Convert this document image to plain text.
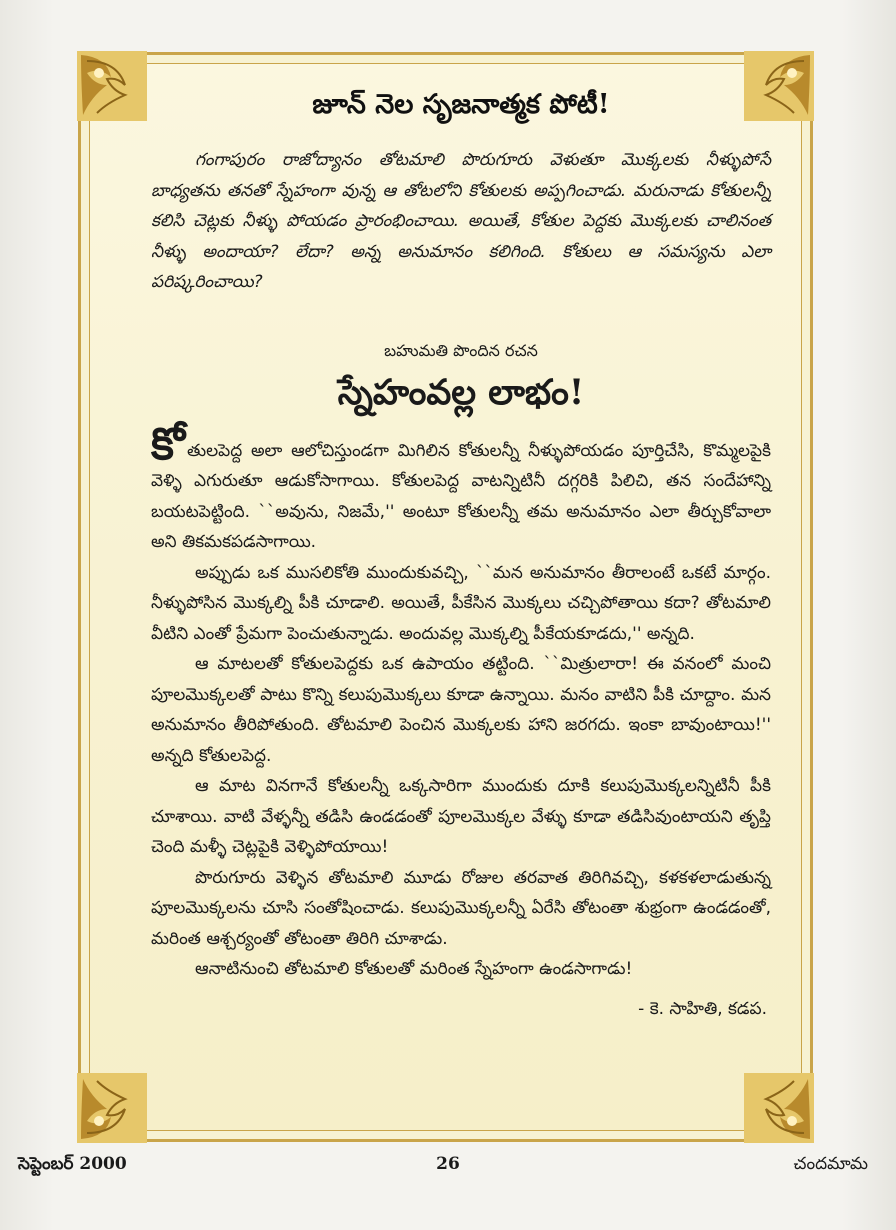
జూన్ నెల సృజనాత్మక పోటీ!

గంగాపురం రాజోద్యానం తోటమాలి పొరుగూరు వెళుతూ మొక్కలకు నీళ్ళుపోసే బాధ్యతను తనతో స్నేహంగా వున్న ఆ తోటలోని కోతులకు అప్పగించాడు. మరునాడు కోతులన్నీ కలిసి చెట్లకు నీళ్ళు పోయడం ప్రారంభించాయి. అయితే, కోతుల పెద్దకు మొక్కలకు చాలినంత నీళ్ళు అందాయా? లేదా? అన్న అనుమానం కలిగింది. కోతులు ఆ సమస్యను ఎలా పరిష్కరించాయి?

బహుమతి పొందిన రచన

స్నేహంవల్ల లాభం!

కోతులపెద్ద అలా ఆలోచిస్తుండగా మిగిలిన కోతులన్నీ నీళ్ళుపోయడం పూర్తిచేసి, కొమ్మలపైకి వెళ్ళి ఎగురుతూ ఆడుకోసాగాయి. కోతులపెద్ద వాటన్నిటినీ దగ్గరికి పిలిచి, తన సందేహాన్ని బయటపెట్టింది. ``అవును, నిజమే,'' అంటూ కోతులన్నీ తమ అనుమానం ఎలా తీర్చుకోవాలా అని తికమకపడసాగాయి.

అప్పుడు ఒక ముసలికోతి ముందుకువచ్చి, ``మన అనుమానం తీరాలంటే ఒకటే మార్గం. నీళ్ళుపోసిన మొక్కల్ని పీకి చూడాలి. అయితే, పీకేసిన మొక్కలు చచ్చిపోతాయి కదా? తోటమాలి వీటిని ఎంతో ప్రేమగా పెంచుతున్నాడు. అందువల్ల మొక్కల్ని పీకేయకూడదు,'' అన్నది.

ఆ మాటలతో కోతులపెద్దకు ఒక ఉపాయం తట్టింది. ``మిత్రులారా! ఈ వనంలో మంచి పూలమొక్కలతో పాటు కొన్ని కలుపుమొక్కలు కూడా ఉన్నాయి. మనం వాటిని పీకి చూద్దాం. మన అనుమానం తీరిపోతుంది. తోటమాలి పెంచిన మొక్కలకు హాని జరగదు. ఇంకా బావుంటాయి!'' అన్నది కోతులపెద్ద.

ఆ మాట వినగానే కోతులన్నీ ఒక్కసారిగా ముందుకు దూకి కలుపుమొక్కలన్నిటినీ పీకి చూశాయి. వాటి వేళ్ళన్నీ తడిసి ఉండడంతో పూలమొక్కల వేళ్ళు కూడా తడిసివుంటాయని తృప్తి చెంది మళ్ళీ చెట్లపైకి వెళ్ళిపోయాయి!

పొరుగూరు వెళ్ళిన తోటమాలి మూడు రోజుల తరవాత తిరిగివచ్చి, కళకళలాడుతున్న పూలమొక్కలను చూసి సంతోషించాడు. కలుపుమొక్కలన్నీ ఏరేసి తోటంతా శుభ్రంగా ఉండడంతో, మరింత ఆశ్చర్యంతో తోటంతా తిరిగి చూశాడు.

ఆనాటినుంచి తోటమాలి కోతులతో మరింత స్నేహంగా ఉండసాగాడు!

- కె. సాహితి, కడప.

26
సెప్టెంబర్ 2000	చందమామ
